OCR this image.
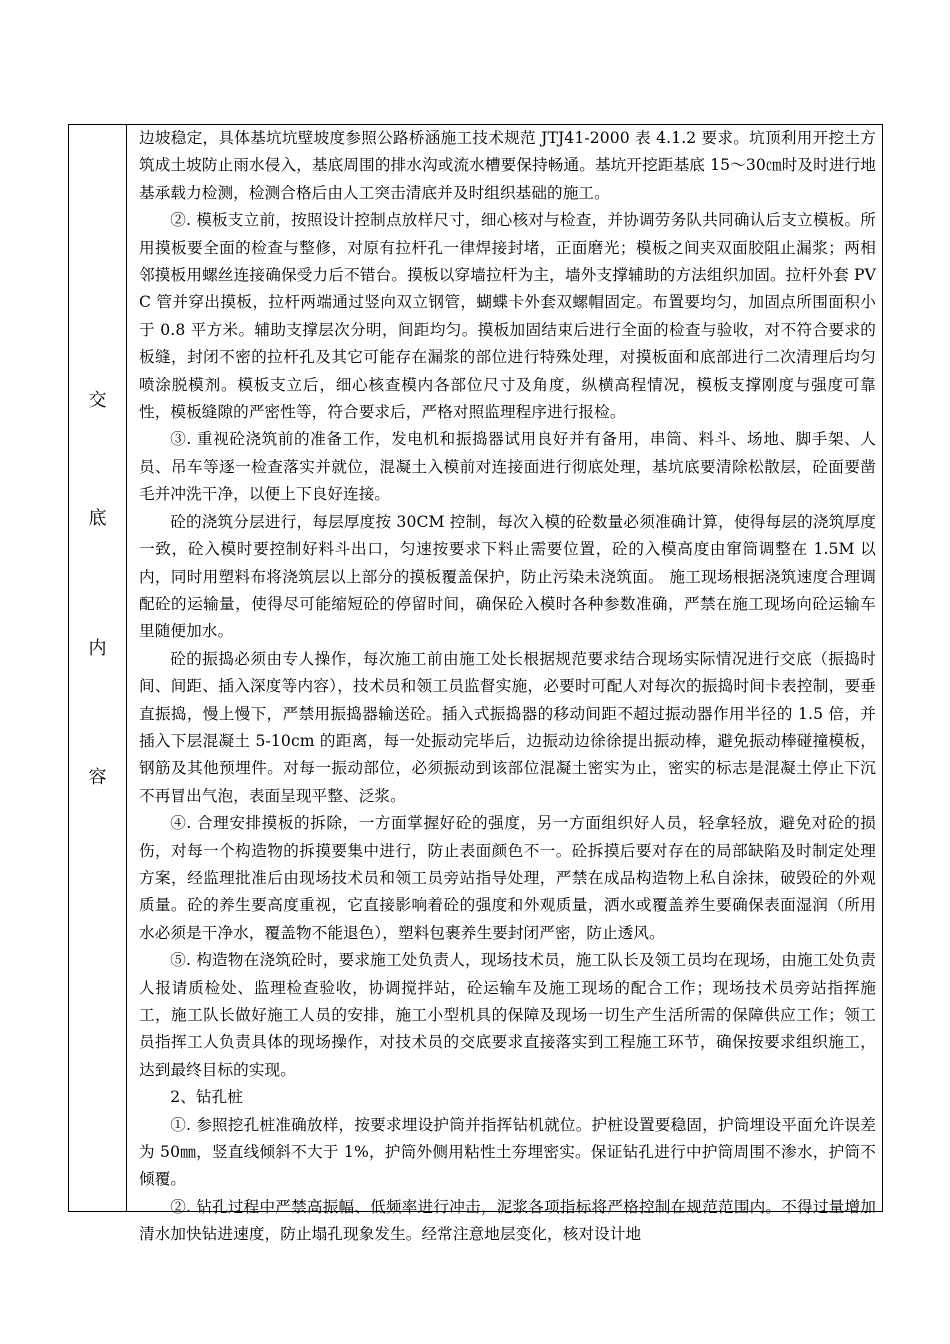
交
底
内
容

边坡稳定，具体基坑坑壁坡度参照公路桥涵施工技术规范 JTJ41-2000 表 4.1.2 要求。坑顶利用开挖土方筑成土坡防止雨水侵入，基底周围的排水沟或流水槽要保持畅通。基坑开挖距基底 15～30㎝时及时进行地基承载力检测，检测合格后由人工突击清底并及时组织基础的施工。

②. 模板支立前，按照设计控制点放样尺寸，细心核对与检查，并协调劳务队共同确认后支立模板。所用摸板要全面的检查与整修，对原有拉杆孔一律焊接封堵，正面磨光；模板之间夹双面胶阻止漏浆；两相邻摸板用螺丝连接确保受力后不错台。摸板以穿墙拉杆为主，墙外支撑辅助的方法组织加固。拉杆外套 PVC 管并穿出摸板，拉杆两端通过竖向双立钢管，蝴蝶卡外套双螺帽固定。布置要均匀，加固点所围面积小于 0.8 平方米。辅助支撑层次分明，间距均匀。摸板加固结束后进行全面的检查与验收，对不符合要求的板缝，封闭不密的拉杆孔及其它可能存在漏浆的部位进行特殊处理，对摸板面和底部进行二次清理后均匀喷涂脱模剂。模板支立后，细心核查模内各部位尺寸及角度，纵横高程情况，模板支撑刚度与强度可靠性，模板缝隙的严密性等，符合要求后，严格对照监理程序进行报检。

③. 重视砼浇筑前的准备工作，发电机和振捣器试用良好并有备用，串筒、料斗、场地、脚手架、人员、吊车等逐一检查落实并就位，混凝土入模前对连接面进行彻底处理，基坑底要清除松散层，砼面要凿毛并冲洗干净，以便上下良好连接。

砼的浇筑分层进行，每层厚度按 30CM 控制，每次入模的砼数量必须准确计算，使得每层的浇筑厚度一致，砼入模时要控制好料斗出口，匀速按要求下料止需要位置，砼的入模高度由窜筒调整在 1.5M 以内，同时用塑料布将浇筑层以上部分的摸板覆盖保护，防止污染未浇筑面。 施工现场根据浇筑速度合理调配砼的运输量，使得尽可能缩短砼的停留时间，确保砼入模时各种参数准确，严禁在施工现场向砼运输车里随便加水。

砼的振捣必须由专人操作，每次施工前由施工处长根据规范要求结合现场实际情况进行交底（振捣时间、间距、插入深度等内容），技术员和领工员监督实施，必要时可配人对每次的振捣时间卡表控制，要垂直振捣，慢上慢下，严禁用振捣器输送砼。插入式振捣器的移动间距不超过振动器作用半径的 1.5 倍，并插入下层混凝土 5-10cm 的距离，每一处振动完毕后，边振动边徐徐提出振动棒，避免振动棒碰撞模板，钢筋及其他预埋件。对每一振动部位，必须振动到该部位混凝土密实为止，密实的标志是混凝土停止下沉不再冒出气泡，表面呈现平整、泛浆。

④. 合理安排摸板的拆除，一方面掌握好砼的强度，另一方面组织好人员，轻拿轻放，避免对砼的损伤，对每一个构造物的拆摸要集中进行，防止表面颜色不一。砼拆摸后要对存在的局部缺陷及时制定处理方案，经监理批准后由现场技术员和领工员旁站指导处理，严禁在成品构造物上私自涂抹，破毁砼的外观质量。砼的养生要高度重视，它直接影响着砼的强度和外观质量，洒水或覆盖养生要确保表面湿润（所用水必须是干净水，覆盖物不能退色），塑料包裹养生要封闭严密，防止透风。

⑤. 构造物在浇筑砼时，要求施工处负责人，现场技术员，施工队长及领工员均在现场，由施工处负责人报请质检处、监理检查验收，协调搅拌站，砼运输车及施工现场的配合工作；现场技术员旁站指挥施工，施工队长做好施工人员的安排，施工小型机具的保障及现场一切生产生活所需的保障供应工作；领工员指挥工人负责具体的现场操作，对技术员的交底要求直接落实到工程施工环节，确保按要求组织施工，达到最终目标的实现。

2、钻孔桩

①. 参照挖孔桩准确放样，按要求埋设护筒并指挥钻机就位。护桩设置要稳固，护筒埋设平面允许误差为 50㎜，竖直线倾斜不大于 1%，护筒外侧用粘性土夯埋密实。保证钻孔进行中护筒周围不渗水，护筒不倾覆。

②. 钻孔过程中严禁高振幅、低频率进行冲击，泥浆各项指标将严格控制在规范范围内。不得过量增加清水加快钻进速度，防止塌孔现象发生。经常注意地层变化，核对设计地
